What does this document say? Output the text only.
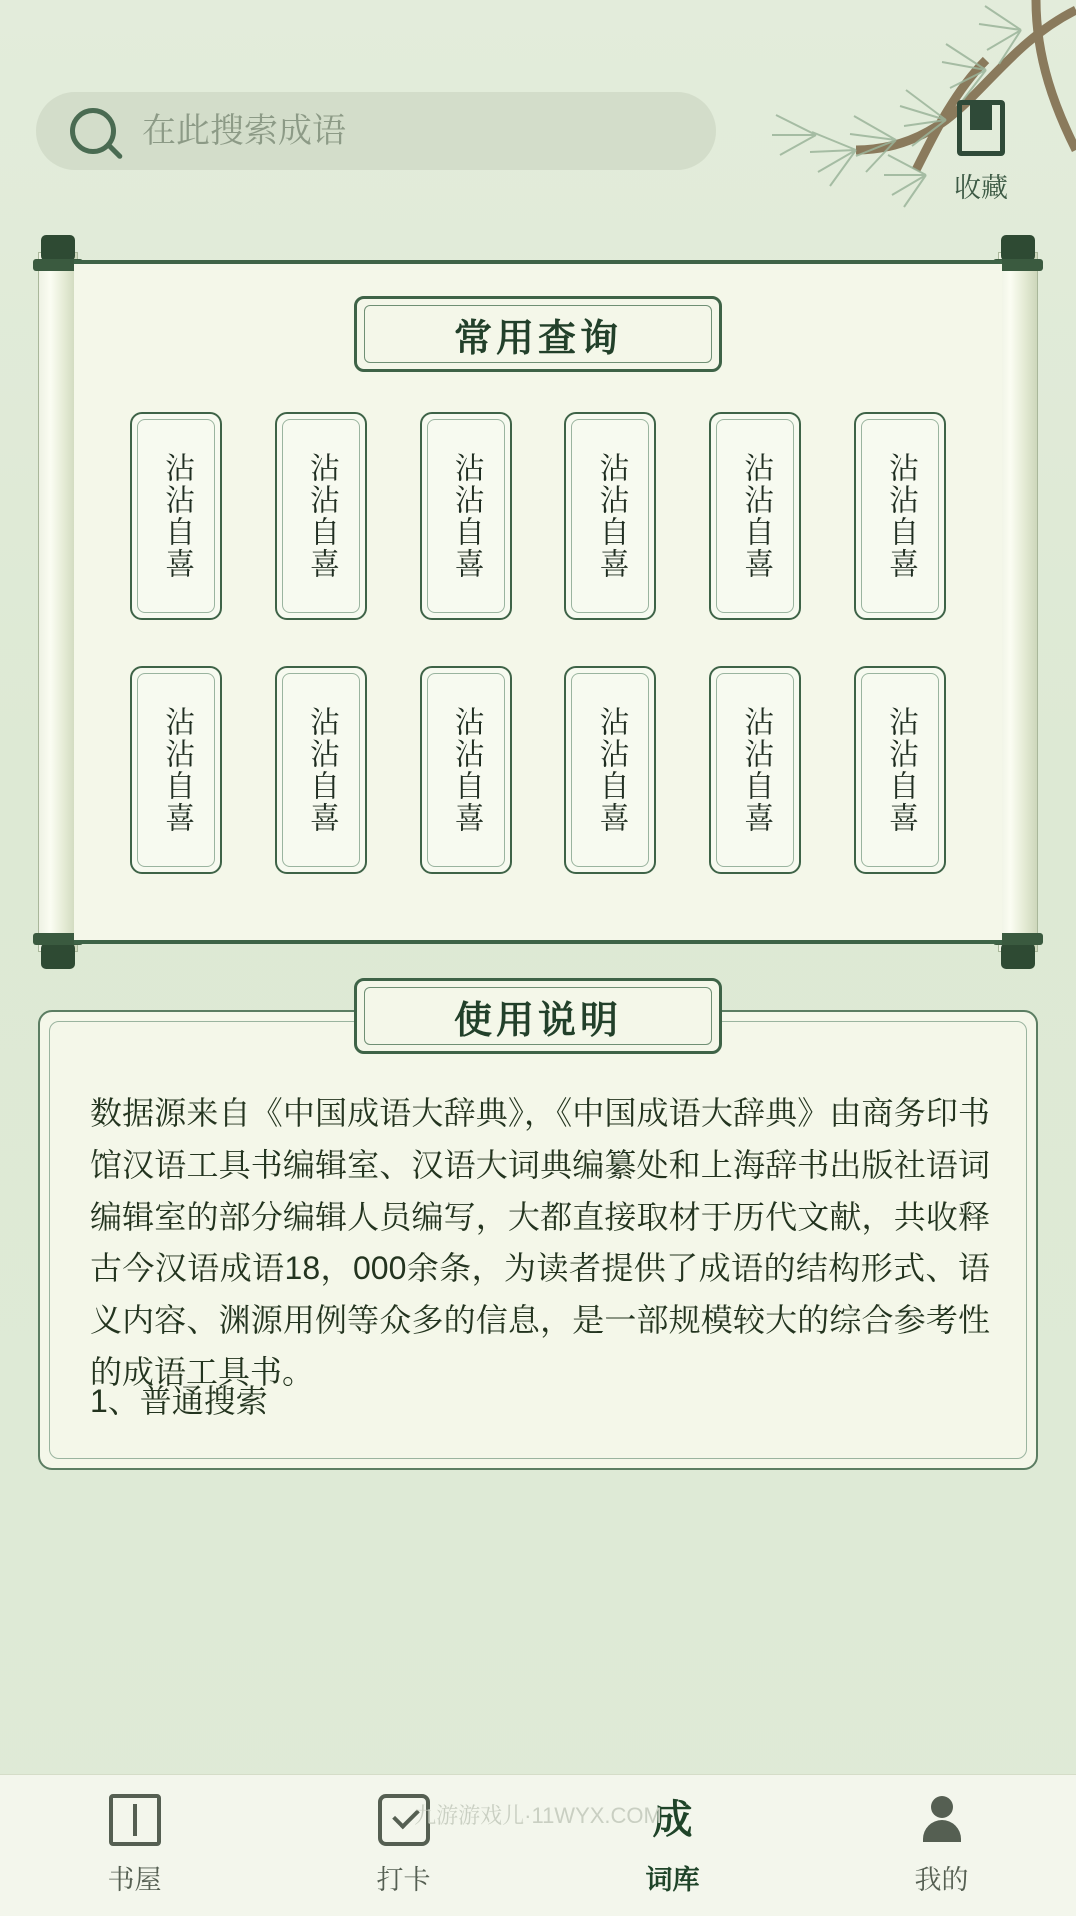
在此搜索成语
收藏
常用查询
沾沾自喜	沾沾自喜	沾沾自喜	沾沾自喜	沾沾自喜	沾沾自喜
沾沾自喜	沾沾自喜	沾沾自喜	沾沾自喜	沾沾自喜	沾沾自喜
数据源来自《中国成语大辞典》，《中国成语大辞典》由商务印书馆汉语工具书编辑室、汉语大词典编纂处和上海辞书出版社语词编辑室的部分编辑人员编写，大都直接取材于历代文献，共收释古今汉语成语18，000余条，为读者提供了成语的结构形式、语义内容、渊源用例等众多的信息，是一部规模较大的综合参考性的成语工具书。
1、普通搜索
使用说明
九游游戏儿·11WYX.COM
书屋	打卡
成
词库	我的
